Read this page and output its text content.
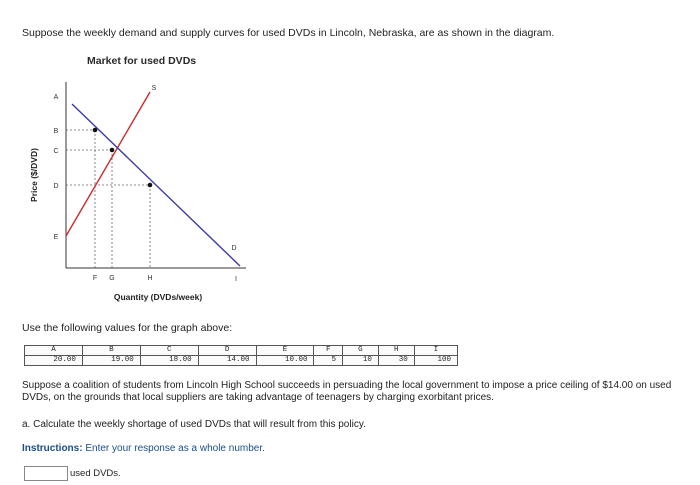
Suppose the weekly demand and supply curves for used DVDs in Lincoln, Nebraska, are as shown in the diagram.
Market for used DVDs
A
B
C
D
E
F G	H	I
S
D
Price ($/DVD)
Quantity (DVDs/week)
Use the following values for the graph above:
A	B	C	D	E	F	G	H	I
20.00	19.00	18.00	14.00	10.00	5	10	30	100
Suppose a coalition of students from Lincoln High School succeeds in persuading the local government to impose a price ceiling of $14.00 on used DVDs, on the grounds that local suppliers are taking advantage of teenagers by charging exorbitant prices.
a. Calculate the weekly shortage of used DVDs that will result from this policy.
Instructions: Enter your response as a whole number.
used DVDs.
